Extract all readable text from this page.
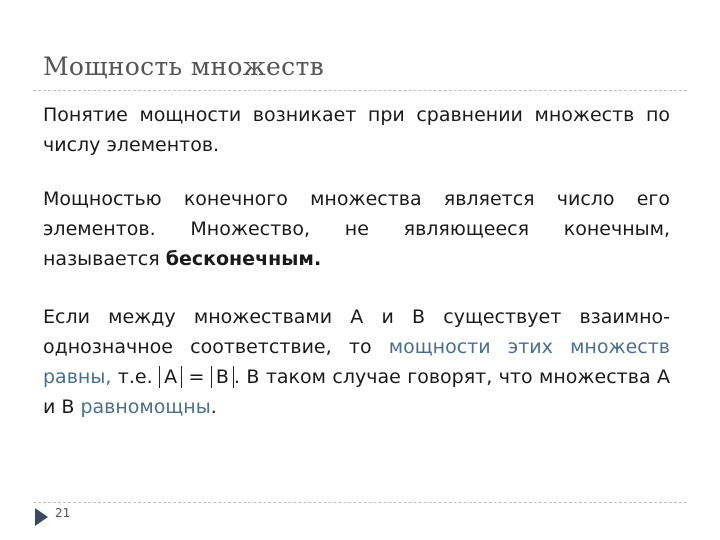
Мощность множеств

Понятие мощности возникает при сравнении множеств по числу элементов.

Мощностью конечного множества является число его элементов. Множество, не являющееся конечным, называется бесконечным.

Если между множествами А и В существует взаимно-однозначное соответствие, то мощности этих множеств равны, т.е. А = В . В таком случае говорят, что множества А и В равномощны.

21
